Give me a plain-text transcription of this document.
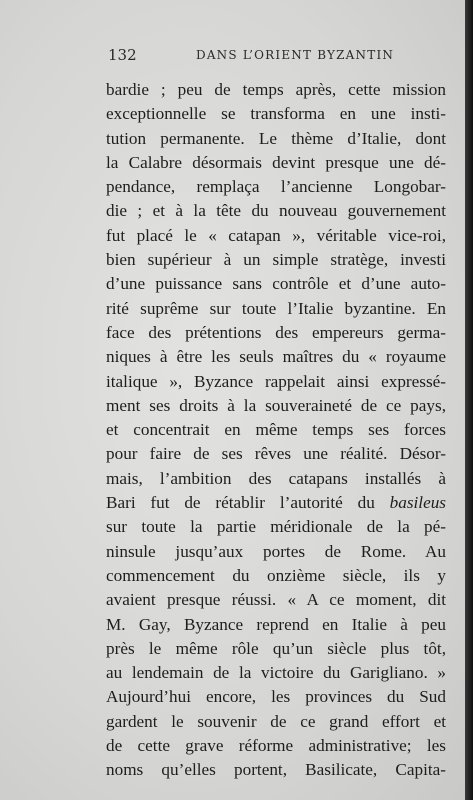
132	DANS L’ORIENT BYZANTIN
bardie ; peu de temps après, cette mission
exceptionnelle se transforma en une insti-
tution permanente. Le thème d’Italie, dont
la Calabre désormais devint presque une dé-
pendance, remplaça l’ancienne Longobar-
die ; et à la tête du nouveau gouvernement
fut placé le « catapan », véritable vice-roi,
bien supérieur à un simple stratège, investi
d’une puissance sans contrôle et d’une auto-
rité suprême sur toute l’Italie byzantine. En
face des prétentions des empereurs germa-
niques à être les seuls maîtres du « royaume
italique », Byzance rappelait ainsi expressé-
ment ses droits à la souveraineté de ce pays,
et concentrait en même temps ses forces
pour faire de ses rêves une réalité. Désor-
mais, l’ambition des catapans installés à
Bari fut de rétablir l’autorité du basileus
sur toute la partie méridionale de la pé-
ninsule jusqu’aux portes de Rome. Au
commencement du onzième siècle, ils y
avaient presque réussi. « A ce moment, dit
M. Gay, Byzance reprend en Italie à peu
près le même rôle qu’un siècle plus tôt,
au lendemain de la victoire du Garigliano. »
Aujourd’hui encore, les provinces du Sud
gardent le souvenir de ce grand effort et
de cette grave réforme administrative; les
noms qu’elles portent, Basilicate, Capita-
